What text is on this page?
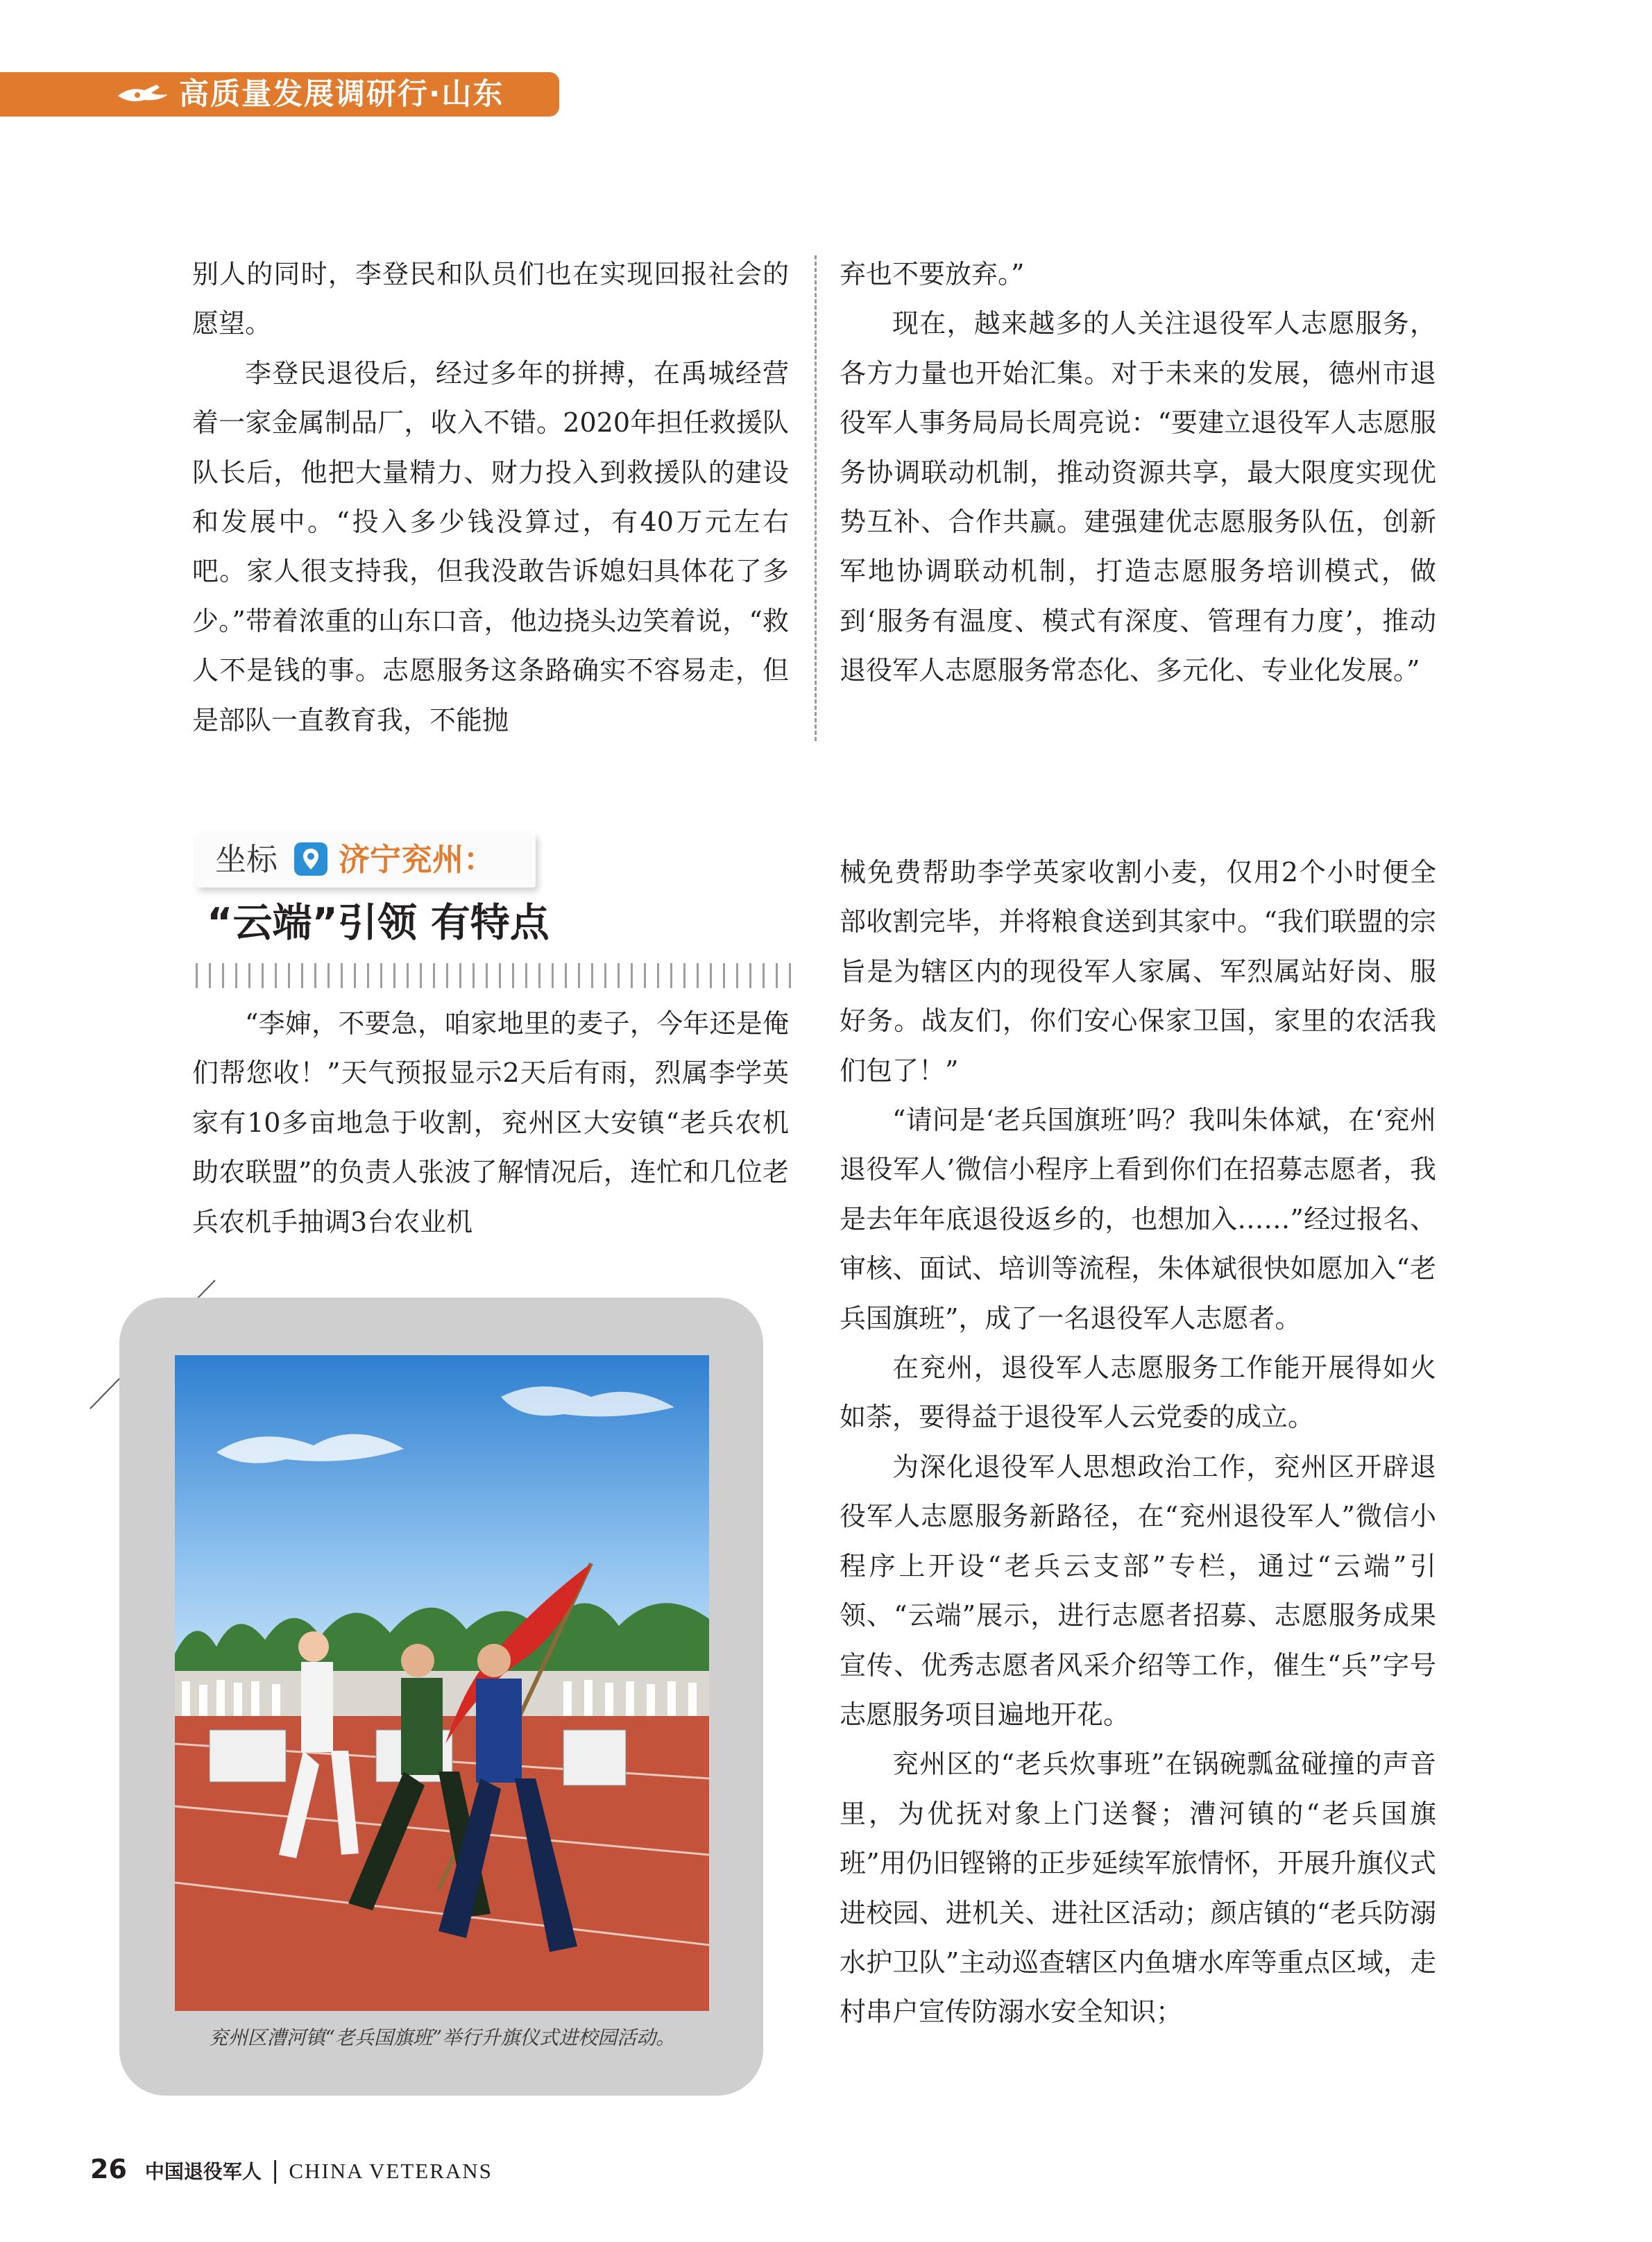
高质量发展调研行·山东

别人的同时，李登民和队员们也在实现回报社会的愿望。

李登民退役后，经过多年的拼搏，在禹城经营着一家金属制品厂，收入不错。2020年担任救援队队长后，他把大量精力、财力投入到救援队的建设和发展中。“投入多少钱没算过，有40万元左右吧。家人很支持我，但我没敢告诉媳妇具体花了多少。”带着浓重的山东口音，他边挠头边笑着说，“救人不是钱的事。志愿服务这条路确实不容易走，但是部队一直教育我，不能抛

弃也不要放弃。”

现在，越来越多的人关注退役军人志愿服务，各方力量也开始汇集。对于未来的发展，德州市退役军人事务局局长周亮说：“要建立退役军人志愿服务协调联动机制，推动资源共享，最大限度实现优势互补、合作共赢。建强建优志愿服务队伍，创新军地协调联动机制，打造志愿服务培训模式，做到‘服务有温度、模式有深度、管理有力度’，推动退役军人志愿服务常态化、多元化、专业化发展。”

坐标 济宁兖州：
“云端”引领 有特点

“李婶，不要急，咱家地里的麦子，今年还是俺们帮您收！”天气预报显示2天后有雨，烈属李学英家有10多亩地急于收割，兖州区大安镇“老兵农机助农联盟”的负责人张波了解情况后，连忙和几位老兵农机手抽调3台农业机

械免费帮助李学英家收割小麦，仅用2个小时便全部收割完毕，并将粮食送到其家中。“我们联盟的宗旨是为辖区内的现役军人家属、军烈属站好岗、服好务。战友们，你们安心保家卫国，家里的农活我们包了！”

“请问是‘老兵国旗班’吗？我叫朱体斌，在‘兖州退役军人’微信小程序上看到你们在招募志愿者，我是去年年底退役返乡的，也想加入……”经过报名、审核、面试、培训等流程，朱体斌很快如愿加入“老兵国旗班”，成了一名退役军人志愿者。

在兖州，退役军人志愿服务工作能开展得如火如荼，要得益于退役军人云党委的成立。

为深化退役军人思想政治工作，兖州区开辟退役军人志愿服务新路径，在“兖州退役军人”微信小程序上开设“老兵云支部”专栏，通过“云端”引领、“云端”展示，进行志愿者招募、志愿服务成果宣传、优秀志愿者风采介绍等工作，催生“兵”字号志愿服务项目遍地开花。

兖州区的“老兵炊事班”在锅碗瓢盆碰撞的声音里，为优抚对象上门送餐；漕河镇的“老兵国旗班”用仍旧铿锵的正步延续军旅情怀，开展升旗仪式进校园、进机关、进社区活动；颜店镇的“老兵防溺水护卫队”主动巡查辖区内鱼塘水库等重点区域，走村串户宣传防溺水安全知识；

兖州区漕河镇“老兵国旗班”举行升旗仪式进校园活动。
26 中国退役军人 | CHINA VETERANS
